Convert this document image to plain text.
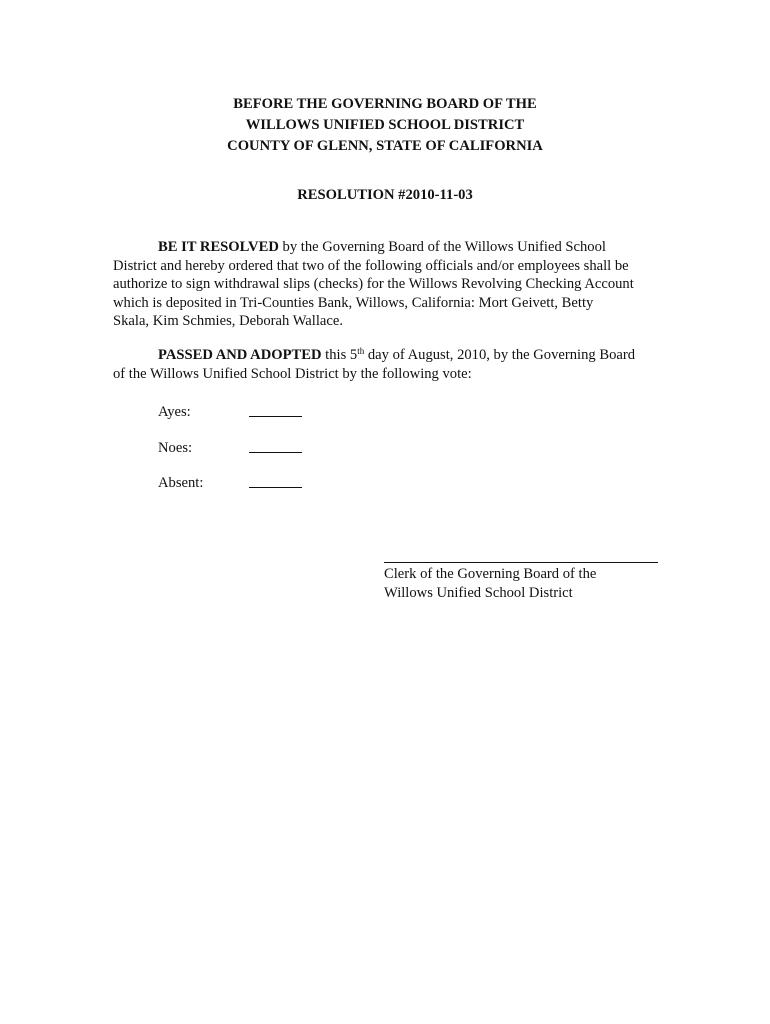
BEFORE THE GOVERNING BOARD OF THE
WILLOWS UNIFIED SCHOOL DISTRICT
COUNTY OF GLENN, STATE OF CALIFORNIA
RESOLUTION #2010-11-03
BE IT RESOLVED by the Governing Board of the Willows Unified School
District and hereby ordered that two of the following officials and/or employees shall be
authorize to sign withdrawal slips (checks) for the Willows Revolving Checking Account
which is deposited in Tri-Counties Bank, Willows, California: Mort Geivett, Betty
Skala, Kim Schmies, Deborah Wallace.
PASSED AND ADOPTED this 5th day of August, 2010, by the Governing Board
of the Willows Unified School District by the following vote:
Ayes:
Noes:
Absent:
Clerk of the Governing Board of the
Willows Unified School District
